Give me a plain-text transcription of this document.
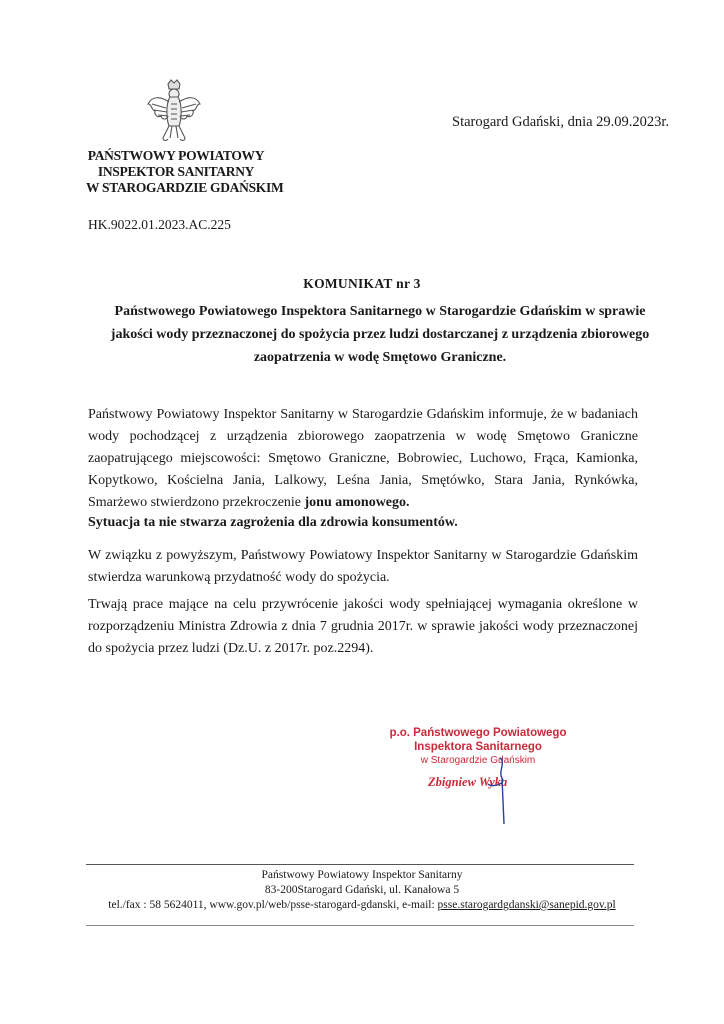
Starogard Gdański, dnia 29.09.2023r.
PAŃSTWOWY POWIATOWY
INSPEKTOR SANITARNY
W STAROGARDZIE GDAŃSKIM
HK.9022.01.2023.AC.225
KOMUNIKAT nr 3
Państwowego Powiatowego Inspektora Sanitarnego w Starogardzie Gdańskim w sprawie jakości wody przeznaczonej do spożycia przez ludzi dostarczanej z urządzenia zbiorowego zaopatrzenia w wodę Smętowo Graniczne.
Państwowy Powiatowy Inspektor Sanitarny w Starogardzie Gdańskim informuje, że w badaniach wody pochodzącej z urządzenia zbiorowego zaopatrzenia w wodę Smętowo Graniczne zaopatrującego miejscowości: Smętowo Graniczne, Bobrowiec, Luchowo, Frąca, Kamionka, Kopytkowo, Kościelna Jania, Lalkowy, Leśna Jania, Smętówko, Stara Jania, Rynkówka, Smarżewo stwierdzono przekroczenie jonu amonowego.
Sytuacja ta nie stwarza zagrożenia dla zdrowia konsumentów.
W związku z powyższym, Państwowy Powiatowy Inspektor Sanitarny w Starogardzie Gdańskim stwierdza warunkową przydatność wody do spożycia.
Trwają prace mające na celu przywrócenie jakości wody spełniającej wymagania określone w rozporządzeniu Ministra Zdrowia z dnia 7 grudnia 2017r. w sprawie jakości wody przeznaczonej do spożycia przez ludzi (Dz.U. z 2017r. poz.2294).
p.o. Państwowego Powiatowego
Inspektora Sanitarnego
w Starogardzie Gdańskim
Zbigniew Wyka
Państwowy Powiatowy Inspektor Sanitarny
83-200Starogard Gdański, ul. Kanałowa 5
tel./fax : 58 5624011, www.gov.pl/web/psse-starogard-gdanski, e-mail: psse.starogardgdanski@sanepid.gov.pl
